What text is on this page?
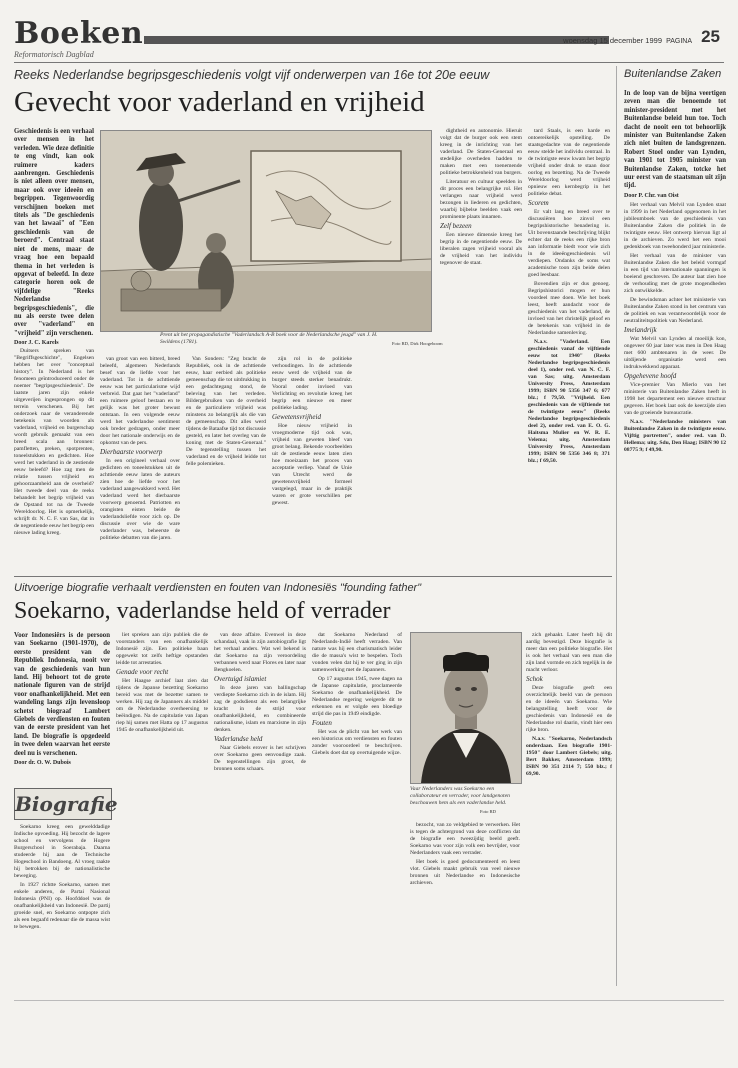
Boeken
Reformatorisch Dagblad
woensdag 15 december 1999 PAGINA 25
Reeks Nederlandse begripsgeschiedenis volgt vijf onderwerpen van 16e tot 20e eeuw
Gevecht voor vaderland en vrijheid

Geschiedenis is een verhaal over mensen in het verleden. Wie deze definitie te eng vindt, kan ook ruimere kaders aanbrengen. Geschiedenis is niet alleen over mensen, maar ook over ideeën en begrippen. Tegenwoordig verschijnen boeken met titels als "De geschiedenis van het lawaai" of "Een geschiedenis van de beroerd". Centraal staat niet de mens, maar de vraag hoe een bepaald thema in het verleden is opgevat of beleefd. In deze categorie horen ook de vijfdelige "Reeks Nederlandse begripsgeschiedenis", die nu als eerste twee delen over "vaderland" en "vrijheid" zijn verschenen.

Door J. C. Karels

Prent uit het propagandistische "Vaderlandsch A-B boek voor de Nederlandsche jeugd" van J. H. Swildens (1781).	Foto RD, Dirk Hoogeboom

Duitsers spreken van "Begriffsgeschichte", Engelsen hebben het over "conceptual history". In Nederland is het fenomeen geïntroduceerd onder de noemer "begripsgeschiedenis". De laatste jaren zijn enkele uitgeverijen ingesprongen op dit terrein verschenen. Bij het onderzoek naar de veranderende betekenis van woorden als vaderland, vrijheid en burgerschap wordt gebruik gemaakt van een breed scala aan bronnen: pamfletten, preken, spotprenten, toneelstukken en gedichten. Hoe werd het vaderland in de zestiende eeuw beleefd? Hoe zag men de relatie tussen vrijheid en gehoorzaamheid aan de overheid? Het tweede deel van de reeks behandelt het begrip vrijheid van de Opstand tot na de Tweede Wereldoorlog. Het is opmerkelijk, schrijft dr. N. C. F. van Sas, dat in de negentiende eeuw het begrip een nieuwe lading kreeg.

van groot van een bitterd, breed beleefd, algemeen Nederlands besef van de liefde voor het vaderland. Tot in de achttiende eeuw was het particularisme wijd verbreid. Dat gaat het "vaderland" een ruimere geloof bestaan en te gelijk was het groter bewust ontstaan. In een volgende eeuw werd het vaderlandse sentiment ook breder gedragen, onder meer door het nationale onderwijs en de opkomst van de pers.

Dierbaarste voorwerp

In een origineel verhaal over gedichten en toneelstukken uit de achttiende eeuw laten de auteurs zien hoe de liefde voor het vaderland aangewakkerd werd. Het vaderland werd het dierbaarste voorwerp genoemd. Patriotten en orangisten eisten beide de vaderlandsliefde voor zich op. De discussie over wie de ware vaderlander was, beheerste de politieke debatten van die jaren.

Van Sonders: "Zeg bracht de Republiek, ook in de achttiende eeuw, haar eerbied als politieke gemeenschap die tot uitdrukking in een gedachtegang stond, de beleving van het verleden. Bildergebruiken van de overheid en de particuliere vrijheid was minstens zo belangrijk als die van de gemeenschap. Dit alles werd tijdens de Bataafse tijd tot discussie gesteld, en later het overleg van de koning met de Staten-Generaal." De tegenstelling tussen het vaderland en de vrijheid leidde tot felle polemieken.

zijn rol in de politieke verhoudingen. In de achttiende eeuw werd de vrijheid van de burger steeds sterker benadrukt. Vooral onder invloed van Verlichting en revolutie kreeg het begrip een nieuwe en meer politieke lading.

Gewetensvrijheid

Hoe nieuw vrijheid in vroegmoderne tijd ook was, vrijheid van geweten bleef van groot belang. Bekende voorbeelden uit de zestiende eeuw laten zien hoe moeizaam het proces van acceptatie verliep. Vanaf de Unie van Utrecht werd de gewetensvrijheid formeel vastgelegd, maar in de praktijk waren er grote verschillen per gewest.

dightheid en autonomie. Hieruit volgt dat de burger ook een stem kreeg in de inrichting van het vaderland. De Staten-Generaal en stedelijke overheden hadden te maken met een toenemende politieke betrokkenheid van burgers.

Literatuur en cultuur speelden in dit proces een belangrijke rol. Het verlangen naar vrijheid werd bezongen in liederen en gedichten, waarbij bijbelse beelden vaak een prominente plaats innamen.

Zelf bezeen

Een nieuwe dimensie kreeg het begrip in de negentiende eeuw. De liberalen zagen vrijheid vooral als de vrijheid van het individu tegenover de staat.

tard Staals, is een harde en ontoereikelijk opstelling. De staatsgedachte van de negentiende eeuw stelde het individu centraal. In de twintigste eeuw kwam het begrip vrijheid onder druk te staan door oorlog en bezetting. Na de Tweede Wereldoorlog werd vrijheid opnieuw een kernbegrip in het politieke debat.

Scorem

Er valt lang en breed over te discussiëren hoe zinvol een begripshistorische benadering is. Uit bovenstaande beschrijving blijkt echter dat de reeks een rijke bron aan informatie biedt voor wie zich in de ideeëngeschiedenis wil verdiepen. Ondanks de soms wat academische toon zijn beide delen goed leesbaar.

Bovendien zijn er dus genoeg. Begripshistorici mogen er hun voordeel mee doen. Wie het boek leest, heeft aandacht voor de geschiedenis van het vaderland, de invloed van het christelijk geloof en de betekenis van vrijheid in de Nederlandse samenleving.

N.a.v. "Vaderland. Een geschiedenis vanaf de vijftiende eeuw tot 1940" (Reeks Nederlandse begripsgeschiedenis deel 1), onder red. van N. C. F. van Sas; uitg. Amsterdam University Press, Amsterdam 1999; ISBN 90 5356 347 6; 677 blz.; f 79,50. "Vrijheid. Een geschiedenis van de vijftiende tot de twintigste eeuw" (Reeks Nederlandse begripsgeschiedenis deel 2), onder red. van E. O. G. Haitsma Mulier en W. R. E. Velema; uitg. Amsterdam University Press, Amsterdam 1999; ISBN 90 5356 346 8; 371 blz.; f 69,50.

Buitenlandse Zaken

In de loop van de bijna veertigen zeven man die benoemde tot minister-president met het Buitenlandse beleid hun toe. Toch dacht de nooit een tot behoorlijk minister van Buitenlandse Zaken zich niet buiten de landsgrenzen. Robert Stoel onder van Lynden, van 1901 tot 1905 minister van Buitenlandse Zaken, totcke het uur eerst van de staatsman uit zijn tijd.

Door P. Chr. van Oist

Het verhaal van Melvil van Lynden staat in 1999 in het Nederland opgenomen in het jubileumboek van de geschiedenis van Buitenlandse Zaken die politiek in de twintigste eeuw. Het ontwerp hiervan ligt al in de archieven. Zo werd het een mooi gedenkboek van tweehonderd jaar ministerie.

Het verhaal van de minister van Buitenlandse Zaken die het beleid vormgaf in een tijd van internationale spanningen is boeiend geschreven. De auteur laat zien hoe de verhouding met de grote mogendheden zich ontwikkelde.

De bewindsman achter het ministerie van Buitenlandse Zaken stond in het centrum van de politiek en was verantwoordelijk voor de neutraliteitspolitiek van Nederland.

Imelandrijk

Wat Melvil van Lynden al moeilijk kon, ongeveer 60 jaar later was men in Den Haag met 600 ambtenaren in de weer. De uitdijende organisatie werd een indrukwekkend apparaat.

Opgehevene hoofd

Vice-premier Van Mierlo van het ministerie van Buitenlandse Zaken heeft in 1998 het departement een nieuwe structuur gegeven. Het boek laat ook de keerzijde zien van de groeiende bureaucratie.

N.a.v. "Nederlandse ministers van Buitenlandse Zaken in de twintigste eeuw. Vijftig portretten", onder red. van D. Hellema; uitg. Sdu, Den Haag; ISBN 90 12 08775 9; f 49,90.

Uitvoerige biografie verhaalt verdiensten en fouten van Indonesiës "founding father"
Soekarno, vaderlandse held of verrader

Voor Indonesiërs is de persoon van Soekarno (1901-1970), de eerste president van de Republiek Indonesia, nooit ver van de geschiedenis van hun land. Hij behoort tot de grote nationale figuren van de strijd voor onafhankelijkheid. Met een wandeling langs zijn levensloop schetst biograaf Lambert Giebels de verdiensten en fouten van de eerste president van het land. De biografie is opgedeeld in twee delen waarvan het eerste deel nu is verschenen.

Door dr. O. W. Dubois

Biografie

Soekarno kreeg een gewelddadige Indische opvoeding. Hij bezocht de lagere school en vervolgens de Hogere Burgerschool in Soerabaja. Daarna studeerde hij aan de Technische Hogeschool in Bandoeng. Al vroeg raakte hij betrokken bij de nationalistische beweging.

In 1927 richtte Soekarno, samen met enkele anderen, de Partai Nasional Indonesia (PNI) op. Hoofddoel was de onafhankelijkheid van Indonesië. De partij groeide snel, en Soekarno ontpopte zich als een begaafd redenaar die de massa wist te bewegen.

liet spreken aan zijn publiek die de voorstanders van een onafhankelijk Indonesië zijn. Een politieke baan opgewekt tot zelfs heftige opstanden leidde tot arrestaties.

Genade voor recht

Het Haagse archief laat zien dat tijdens de Japanse bezetting Soekarno bereid was met de bezetter samen te werken. Hij zag de Japanners als middel om de Nederlandse overheersing te beëindigen. Na de capitulatie van Japan riep hij samen met Hatta op 17 augustus 1945 de onafhankelijkheid uit.

van deze affaire. Evenwel in deze schandaal, vaak in zijn autobiografie ligt het verhaal anders. Wat wel bekend is dat Soekarno na zijn veroordeling verbannen werd naar Flores en later naar Bengkoelen.

Overtuigd islamiet

In deze jaren van ballingschap verdiepte Soekarno zich in de islam. Hij zag de godsdienst als een belangrijke kracht in de strijd voor onafhankelijkheid, en combineerde nationalisme, islam en marxisme in zijn denken.

Vaderlandse held

Naar Giebels erover is het schrijven over Soekarno geen eenvoudige zaak. De tegenstellingen zijn groot, de bronnen soms schaars.

dat Soekarno Nederland of Nederlands-Indië heeft verraden. Van nature was hij een charismatisch leider die de massa's wist te bespelen. Toch vonden velen dat hij te ver ging in zijn samenwerking met de Japanners.

Op 17 augustus 1945, twee dagen na de Japanse capitulatie, proclameerde Soekarno de onafhankelijkheid. De Nederlandse regering weigerde dit te erkennen en er volgde een bloedige strijd die pas in 1949 eindigde.

Fouten

Het was de plicht van het werk van een historicus om verdiensten en fouten zonder vooroordeel te beschrijven. Giebels doet dat op overtuigende wijze.

Vaar Nederlanders was Soekarno een collaborateur en verrader, voor landgenoten beschouwen hem als een vaderlandse held.
Foto RD

bezocht, van zo veldgebied te verwerken. Het is tegen de achtergrond van deze conflicten dat de biografie een tweezijdig beeld geeft. Soekarno was voor zijn volk een bevrijder, voor Nederlanders vaak een verrader.

Het boek is goed gedocumenteerd en leest vlot. Giebels maakt gebruik van veel nieuwe bronnen uit Nederlandse en Indonesische archieven.

zich gehaakt. Later heeft hij dit aardig bevestigd. Deze biografie is meer dan een politieke biografie. Het is ook het verhaal van een man die zijn land vormde en zich tegelijk in de macht verloor.

Schok

Deze biografie geeft een overzichtelijk beeld van de persoon en de ideeën van Soekarno. Wie belangstelling heeft voor de geschiedenis van Indonesië en de Nederlandse rol daarin, vindt hier een rijke bron.

N.a.v. "Soekarno, Nederlandsch onderdaan. Een biografie 1901-1950" door Lambert Giebels; uitg. Bert Bakker, Amsterdam 1999; ISBN 90 351 2114 7; 550 blz.; f 69,90.
